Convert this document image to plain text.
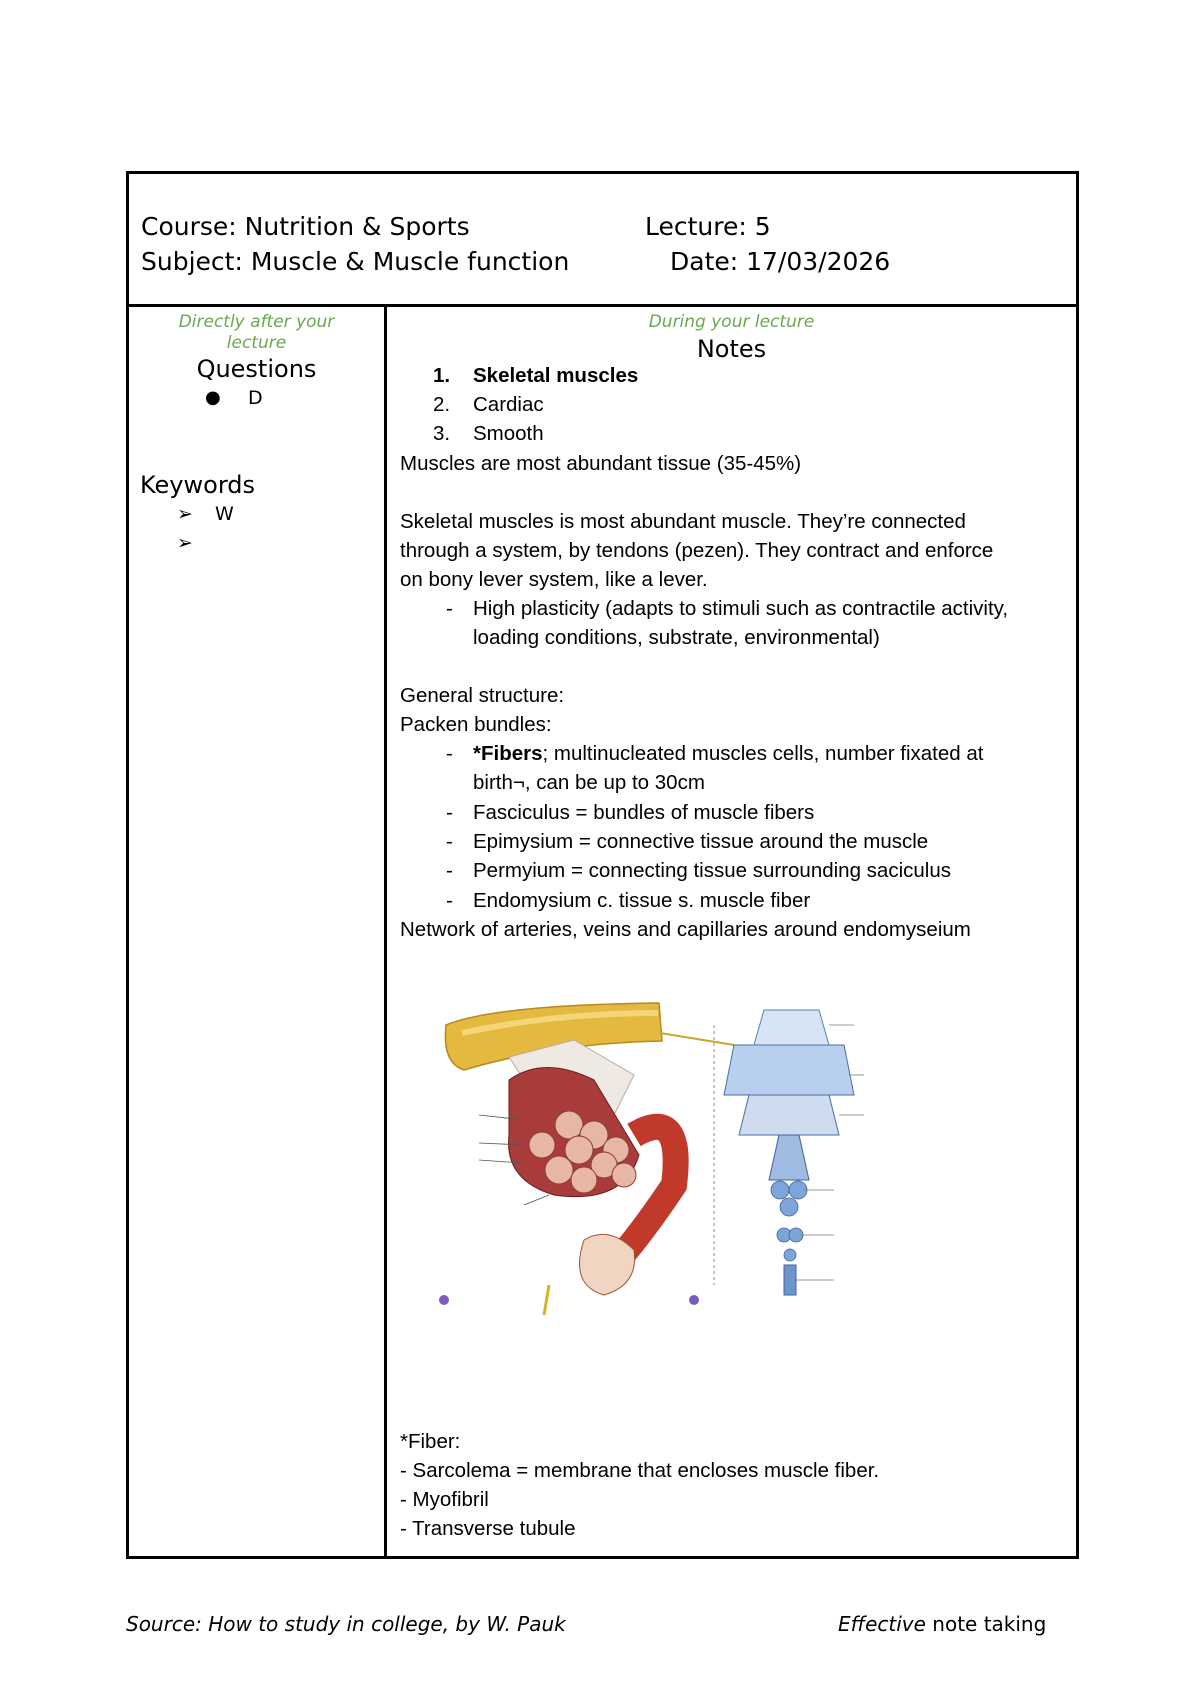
Course: Nutrition & Sports	Lecture: 5
Subject: Muscle & Muscle function	Date: 17/03/2026
Directly after your
lecture
Questions
● D
Keywords
➢ W
➢
During your lecture
Notes
1. Skeletal muscles
2. Cardiac
3. Smooth
Muscles are most abundant tissue (35-45%)
Skeletal muscles is most abundant muscle. They’re connected
through a system, by tendons (pezen). They contract and enforce
on bony lever system, like a lever.
- High plasticity (adapts to stimuli such as contractile activity,
loading conditions, substrate, environmental)
General structure:
Packen bundles:
- *Fibers; multinucleated muscles cells, number fixated at
birth¬, can be up to 30cm
- Fasciculus = bundles of muscle fibers
- Epimysium = connective tissue around the muscle
- Permyium = connecting tissue surrounding saciculus
- Endomysium c. tissue s. muscle fiber
Network of arteries, veins and capillaries around endomyseium
*Fiber:
- Sarcolema = membrane that encloses muscle fiber.
- Myofibril
- Transverse tubule
Source: How to study in college, by W. Pauk	Effective note taking
